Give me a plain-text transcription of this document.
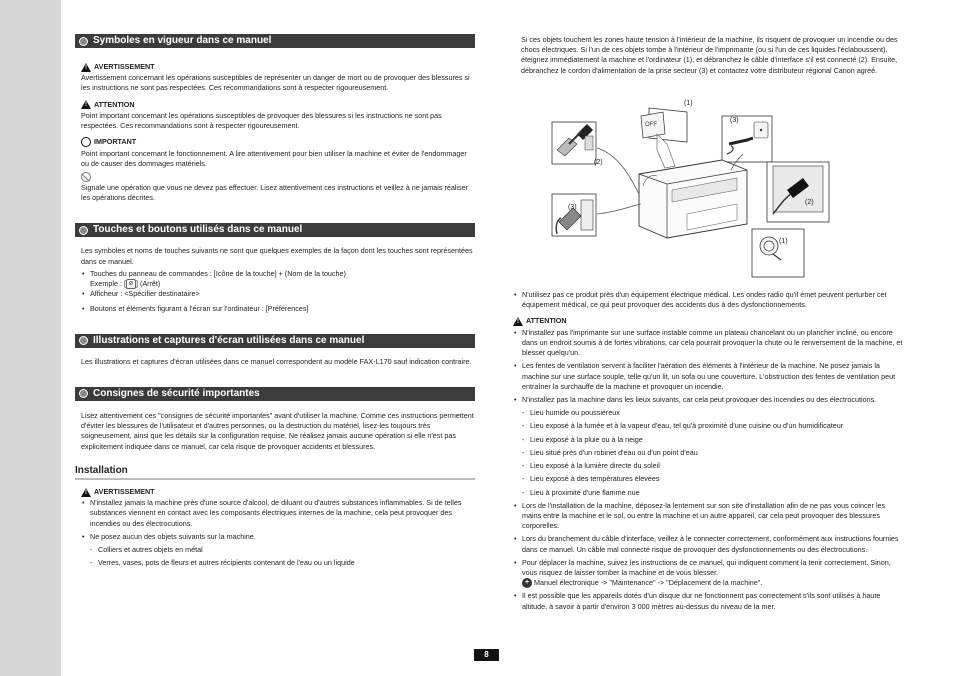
Symboles en vigueur dans ce manuel
!
AVERTISSEMENT

Avertissement concernant les opérations susceptibles de représenter un danger de mort ou de provoquer des blessures si les instructions ne sont pas respectées. Ces recommandations sont à respecter rigoureusement.

!
ATTENTION

Point important concernant les opérations susceptibles de provoquer des blessures si les instructions ne sont pas respectées. Ces recommandations sont à respecter rigoureusement.

IMPORTANT

Point important concernant le fonctionnement. A lire attentivement pour bien utiliser la machine et éviter de l'endommager ou de causer des dommages matériels.

Signale une opération que vous ne devez pas effectuer. Lisez attentivement ces instructions et veillez à ne jamais réaliser les opérations décrites.

Touches et boutons utilisés dans ce manuel

Les symboles et noms de touches suivants ne sont que quelques exemples de la façon dont les touches sont représentées dans ce manuel.

• Touches du panneau de commandes : [Icône de la touche] + (Nom de la touche)
Exemple : [ ⊘ ] (Arrêt)
• Afficheur : <Spécifier destinataire>
• Boutons et éléments figurant à l'écran sur l'ordinateur : [Préférences]
Illustrations et captures d'écran utilisées dans ce manuel

Les illustrations et captures d'écran utilisées dans ce manuel correspondent au modèle FAX-L170 sauf indication contraire.

Consignes de sécurité importantes

Lisez attentivement ces "consignes de sécurité importantes" avant d'utiliser la machine. Comme ces instructions permettent d'éviter les blessures de l'utilisateur et d'autres personnes, ou la destruction du matériel, lisez-les toujours très soigneusement, ainsi que les détails sur la configuration requise. Ne réalisez jamais aucune opération si elle n'est pas explicitement indiquée dans ce manuel, car cela risque de provoquer accidents et blessures.

Installation
!
AVERTISSEMENT
• N'installez jamais la machine près d'une source d'alcool, de diluant ou d'autres substances inflammables. Si de telles substances viennent en contact avec les composants électriques internes de la machine, cela peut provoquer des incendies ou des électrocutions.
• Ne posez aucun des objets suivants sur la machine.
- Colliers et autres objets en métal
- Verres, vases, pots de fleurs et autres récipients contenant de l'eau ou un liquide

Si ces objets touchent les zones haute tension à l'intérieur de la machine, ils risquent de provoquer un incendie ou des chocs électriques. Si l'un de ces objets tombe à l'intérieur de l'imprimante (ou si l'un de ces liquides l'éclaboussent), éteignez immédiatement la machine et l'ordinateur (1), et débranchez le câble d'interface s'il est connecté (2). Ensuite, débranchez le cordon d'alimentation de la prise secteur (3) et contactez votre distributeur régional Canon agréé.

OFF
(1)
(3)
(2)
(3)
(2)
(1)
• N'utilisez pas ce produit près d'un équipement électrique médical. Les ondes radio qu'il émet peuvent perturber cet équipement médical, ce qui peut provoquer des accidents dus à des dysfonctionnements.
!
ATTENTION
• N'installez pas l'imprimante sur une surface instable comme un plateau chancelant ou un plancher incliné, ou encore dans un endroit soumis à de fortes vibrations, car cela pourrait provoquer la chute ou le renversement de la machine, et blesser quelqu'un.
• Les fentes de ventilation servent à faciliter l'aération des éléments à l'intérieur de la machine. Ne posez jamais la machine sur une surface souple, telle qu'un lit, un sofa ou une couverture. L'obstruction des fentes de ventilation peut entraîner la surchauffe de la machine et provoquer un incendie.
• N'installez pas la machine dans les lieux suivants, car cela peut provoquer des incendies ou des électrocutions.
- Lieu humide ou poussiéreux
- Lieu exposé à la fumée et à la vapeur d'eau, tel qu'à proximité d'une cuisine ou d'un humidificateur
- Lieu exposé à la pluie ou à la neige
- Lieu situé près d'un robinet d'eau ou d'un point d'eau
- Lieu exposé à la lumière directe du soleil
- Lieu exposé à des températures élevées
- Lieu à proximité d'une flamme nue
• Lors de l'installation de la machine, déposez-la lentement sur son site d'installation afin de ne pas vous coincer les mains entre la machine et le sol, ou entre la machine et un autre appareil, car cela peut provoquer des blessures corporelles.
• Lors du branchement du câble d'interface, veillez à le connecter correctement, conformément aux instructions fournies dans ce manuel. Un câble mal connecté risque de provoquer des dysfonctionnements ou des électrocutions.
• Pour déplacer la machine, suivez les instructions de ce manuel, qui indiquent comment la tenir correctement. Sinon, vous risquez de laisser tomber la machine et de vous blesser.
+ Manuel électronique -> "Maintenance" -> "Déplacement de la machine".
• Il est possible que les appareils dotés d'un disque dur ne fonctionnent pas correctement s'ils sont utilisés à haute altitude, à savoir à partir d'environ 3 000 mètres au-dessus du niveau de la mer.
8
